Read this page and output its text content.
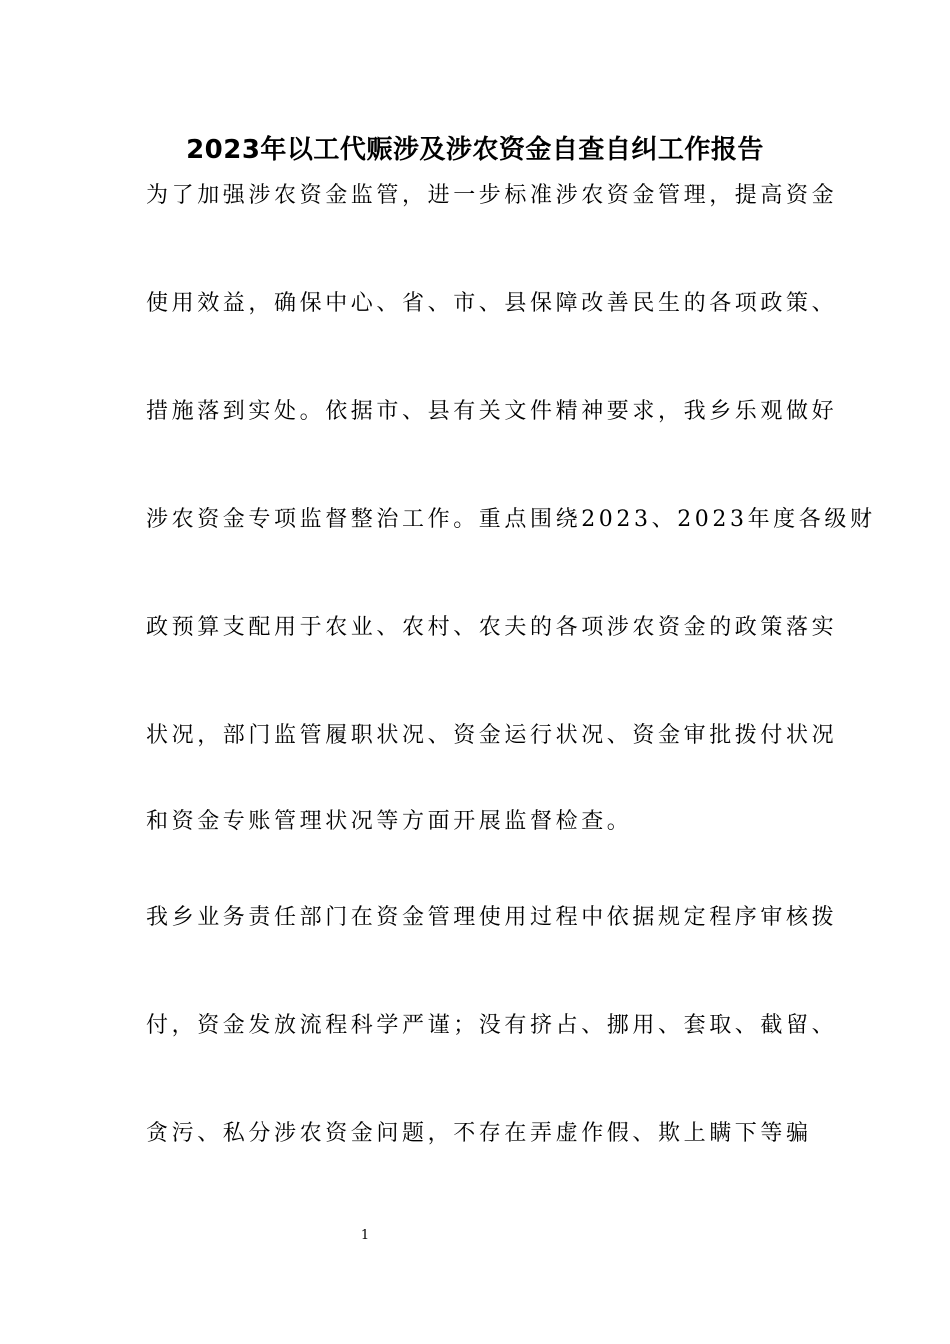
2023年以工代赈涉及涉农资金自查自纠工作报告
为了加强涉农资金监管，进一步标准涉农资金管理，提高资金
使用效益，确保中心、省、市、县保障改善民生的各项政策、
措施落到实处。依据市、县有关文件精神要求，我乡乐观做好
涉农资金专项监督整治工作。重点围绕2023、2023年度各级财
政预算支配用于农业、农村、农夫的各项涉农资金的政策落实
状况，部门监管履职状况、资金运行状况、资金审批拨付状况
和资金专账管理状况等方面开展监督检查。
我乡业务责任部门在资金管理使用过程中依据规定程序审核拨
付，资金发放流程科学严谨；没有挤占、挪用、套取、截留、
贪污、私分涉农资金问题，不存在弄虚作假、欺上瞒下等骗
1
